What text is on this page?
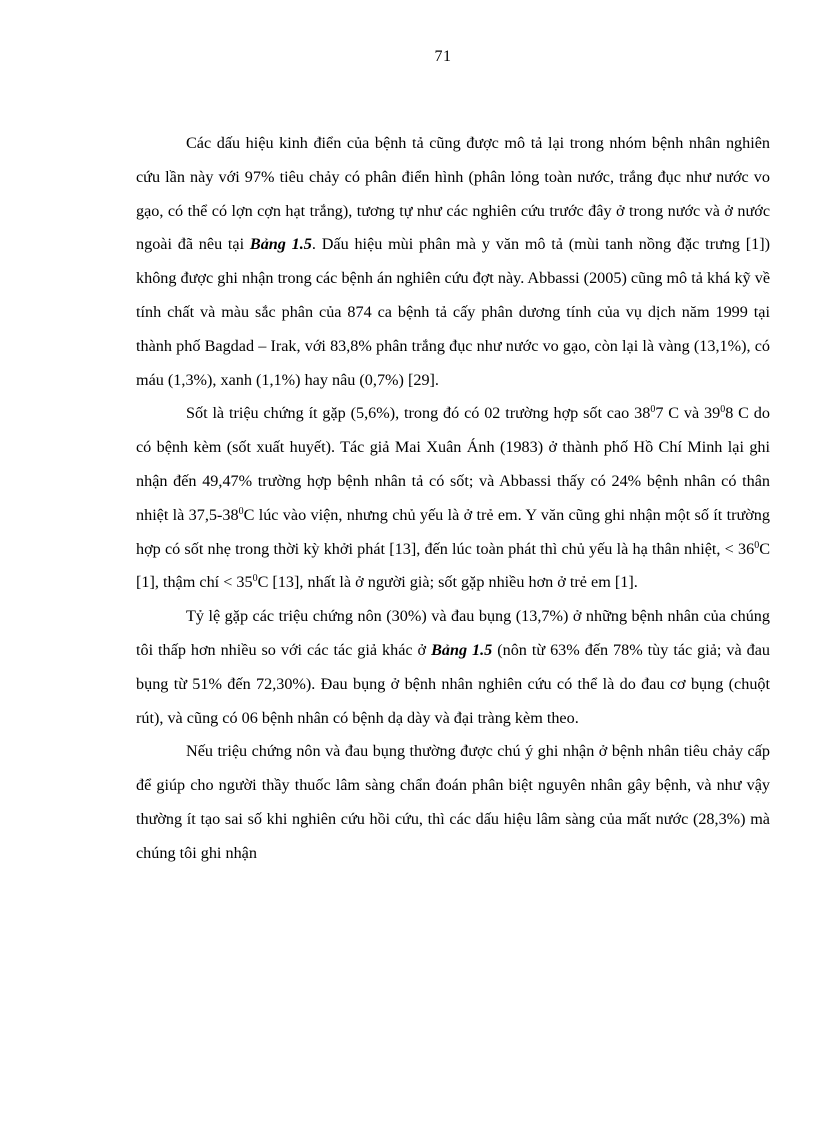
71

Các dấu hiệu kinh điển của bệnh tả cũng được mô tả lại trong nhóm bệnh nhân nghiên cứu lần này với 97% tiêu chảy có phân điển hình (phân lỏng toàn nước, trắng đục như nước vo gạo, có thể có lợn cợn hạt trắng), tương tự như các nghiên cứu trước đây ở trong nước và ở nước ngoài đã nêu tại Bảng 1.5. Dấu hiệu mùi phân mà y văn mô tả (mùi tanh nồng đặc trưng [1]) không được ghi nhận trong các bệnh án nghiên cứu đợt này. Abbassi (2005) cũng mô tả khá kỹ về tính chất và màu sắc phân của 874 ca bệnh tả cấy phân dương tính của vụ dịch năm 1999 tại thành phố Bagdad – Irak, với 83,8% phân trắng đục như nước vo gạo, còn lại là vàng (13,1%), có máu (1,3%), xanh (1,1%) hay nâu (0,7%) [29].

Sốt là triệu chứng ít gặp (5,6%), trong đó có 02 trường hợp sốt cao $38^07$ C và $39^08$ C do có bệnh kèm (sốt xuất huyết). Tác giả Mai Xuân Ánh (1983) ở thành phố Hồ Chí Minh lại ghi nhận đến 49,47% trường hợp bệnh nhân tả có sốt; và Abbassi thấy có 24% bệnh nhân có thân nhiệt là $37,5-38^0C$ lúc vào viện, nhưng chủ yếu là ở trẻ em. Y văn cũng ghi nhận một số ít trường hợp có sốt nhẹ trong thời kỳ khởi phát [13], đến lúc toàn phát thì chủ yếu là hạ thân nhiệt, < $36^0C$ [1], thậm chí < $35^0C$ [13], nhất là ở người già; sốt gặp nhiều hơn ở trẻ em [1].

Tỷ lệ gặp các triệu chứng nôn (30%) và đau bụng (13,7%) ở những bệnh nhân của chúng tôi thấp hơn nhiều so với các tác giả khác ở Bảng 1.5 (nôn từ 63% đến 78% tùy tác giả; và đau bụng từ 51% đến 72,30%). Đau bụng ở bệnh nhân nghiên cứu có thể là do đau cơ bụng (chuột rút), và cũng có 06 bệnh nhân có bệnh dạ dày và đại tràng kèm theo.

Nếu triệu chứng nôn và đau bụng thường được chú ý ghi nhận ở bệnh nhân tiêu chảy cấp để giúp cho người thầy thuốc lâm sàng chẩn đoán phân biệt nguyên nhân gây bệnh, và như vậy thường ít tạo sai số khi nghiên cứu hồi cứu, thì các dấu hiệu lâm sàng của mất nước (28,3%) mà chúng tôi ghi nhận
